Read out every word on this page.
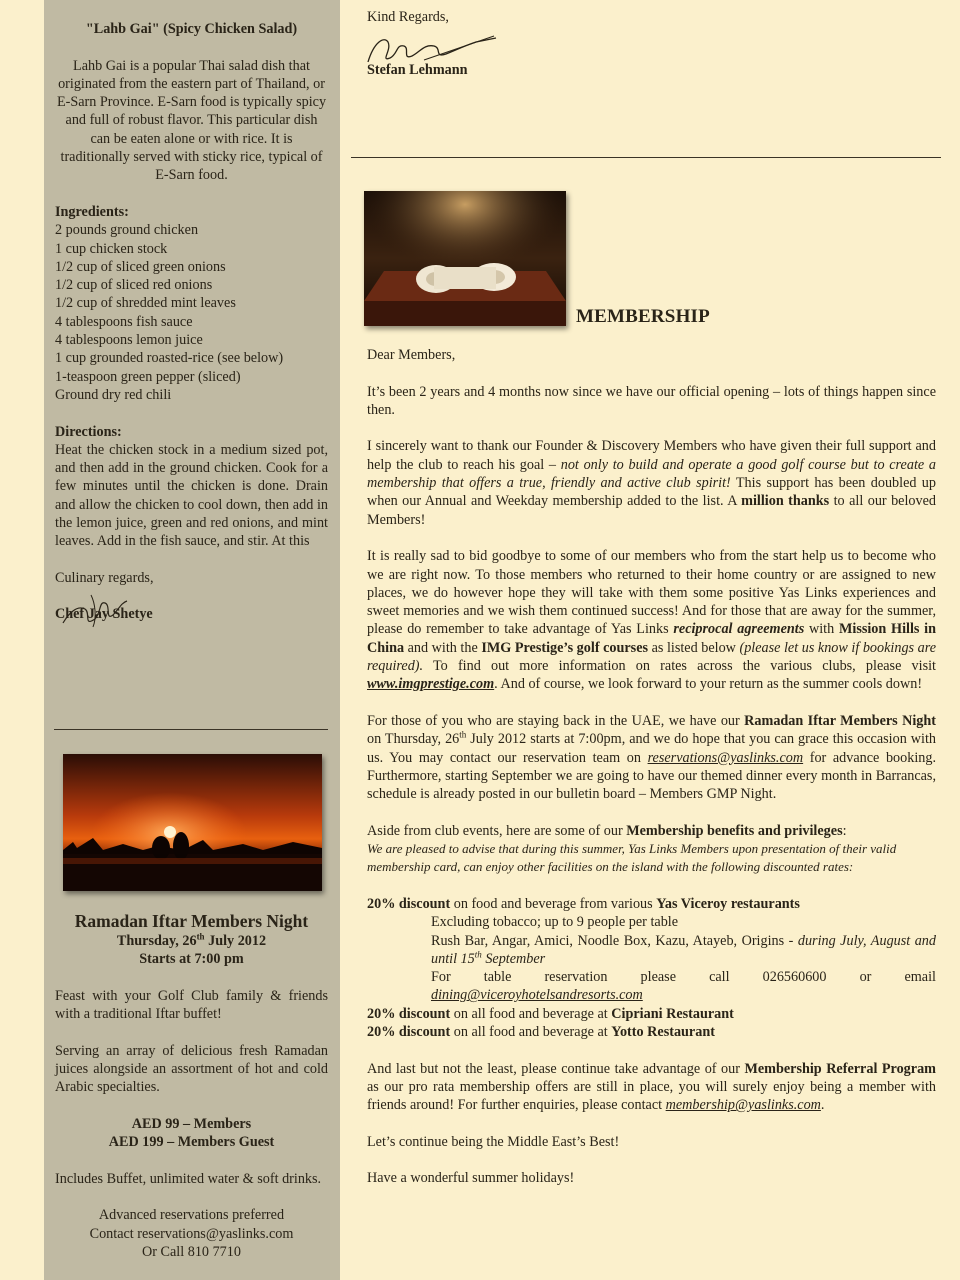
"Lahb Gai" (Spicy Chicken Salad)

Lahb Gai is a popular Thai salad dish that originated from the eastern part of Thailand, or E-Sarn Province. E-Sarn food is typically spicy and full of robust flavor. This particular dish can be eaten alone or with rice. It is traditionally served with sticky rice, typical of E-Sarn food.

Ingredients:

2 pounds ground chicken

1 cup chicken stock

1/2 cup of sliced green onions

1/2 cup of sliced red onions

1/2 cup of shredded mint leaves

4 tablespoons fish sauce

4 tablespoons lemon juice

1 cup grounded roasted-rice (see below)

1-teaspoon green pepper (sliced)

Ground dry red chili

Directions:

Heat the chicken stock in a medium sized pot, and then add in the ground chicken. Cook for a few minutes until the chicken is done. Drain and allow the chicken to cool down, then add in the lemon juice, green and red onions, and mint leaves. Add in the fish sauce, and stir. At this

Culinary regards,

Chef Jay Shetye

Ramadan Iftar Members Night

Thursday, 26th July 2012

Starts at 7:00 pm

Feast with your Golf Club family & friends with a traditional Iftar buffet!

Serving an array of delicious fresh Ramadan juices alongside an assortment of hot and cold Arabic specialties.

AED 99 – Members

AED 199 – Members Guest

Includes Buffet, unlimited water & soft drinks.

Advanced reservations preferred

Contact reservations@yaslinks.com

Or Call 810 7710

Kind Regards,

Stefan Lehmann

MEMBERSHIP

Dear Members,

It’s been 2 years and 4 months now since we have our official opening – lots of things happen since then.

I sincerely want to thank our Founder & Discovery Members who have given their full support and help the club to reach his goal – not only to build and operate a good golf course but to create a membership that offers a true, friendly and active club spirit! This support has been doubled up when our Annual and Weekday membership added to the list. A million thanks to all our beloved Members!

It is really sad to bid goodbye to some of our members who from the start help us to become who we are right now. To those members who returned to their home country or are assigned to new places, we do however hope they will take with them some positive Yas Links experiences and sweet memories and we wish them continued success! And for those that are away for the summer, please do remember to take advantage of Yas Links reciprocal agreements with Mission Hills in China and with the IMG Prestige’s golf courses as listed below (please let us know if bookings are required). To find out more information on rates across the various clubs, please visit www.imgprestige.com. And of course, we look forward to your return as the summer cools down!

For those of you who are staying back in the UAE, we have our Ramadan Iftar Members Night on Thursday, 26th July 2012 starts at 7:00pm, and we do hope that you can grace this occasion with us. You may contact our reservation team on reservations@yaslinks.com for advance booking. Furthermore, starting September we are going to have our themed dinner every month in Barrancas, schedule is already posted in our bulletin board – Members GMP Night.

Aside from club events, here are some of our Membership benefits and privileges:

We are pleased to advise that during this summer, Yas Links Members upon presentation of their valid membership card, can enjoy other facilities on the island with the following discounted rates:

20% discount on food and beverage from various Yas Viceroy restaurants

Excluding tobacco; up to 9 people per table

Rush Bar, Angar, Amici, Noodle Box, Kazu, Atayeb, Origins - during July, August and until 15th September

For table reservation please call 026560600 or email

dining@viceroyhotelsandresorts.com

20% discount on all food and beverage at Cipriani Restaurant

20% discount on all food and beverage at Yotto Restaurant

And last but not the least, please continue take advantage of our Membership Referral Program as our pro rata membership offers are still in place, you will surely enjoy being a member with friends around! For further enquiries, please contact membership@yaslinks.com.

Let’s continue being the Middle East’s Best!

Have a wonderful summer holidays!
